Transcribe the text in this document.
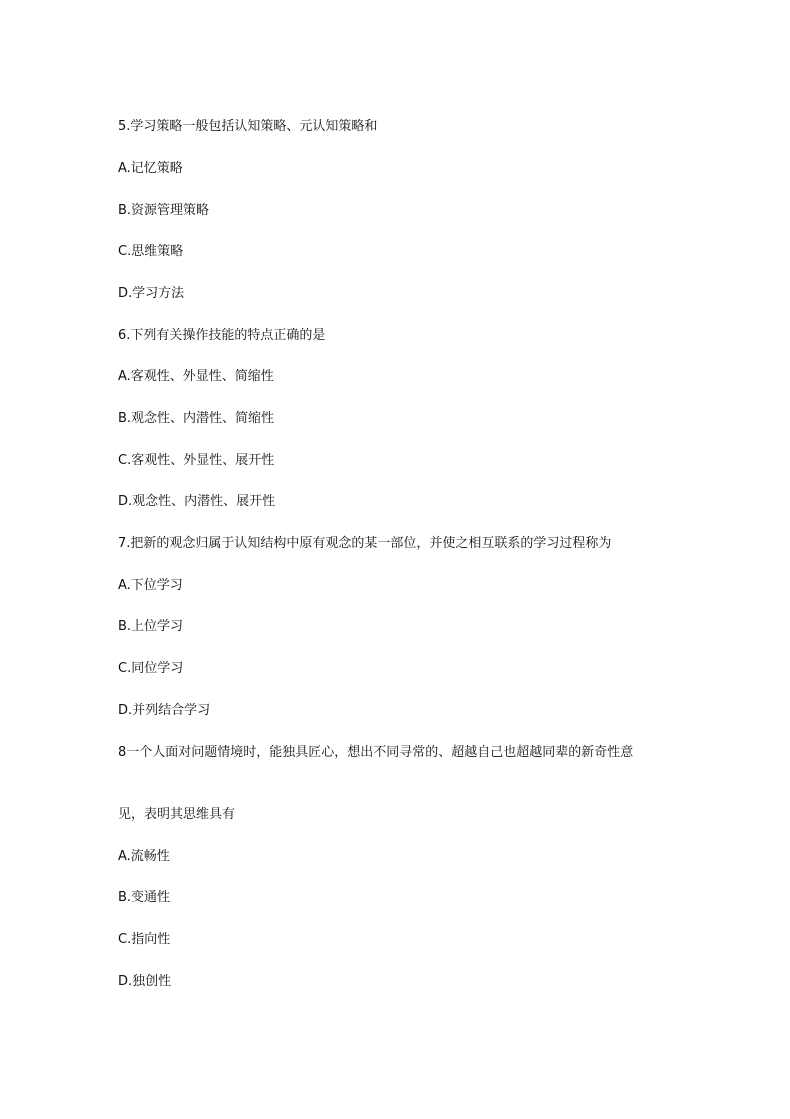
5.学习策略一般包括认知策略、元认知策略和
A.记忆策略
B.资源管理策略
C.思维策略
D.学习方法
6.下列有关操作技能的特点正确的是
A.客观性、外显性、简缩性
B.观念性、内潜性、简缩性
C.客观性、外显性、展开性
D.观念性、内潜性、展开性
7.把新的观念归属于认知结构中原有观念的某一部位，并使之相互联系的学习过程称为
A.下位学习
B.上位学习
C.同位学习
D.并列结合学习
8一个人面对问题情境时，能独具匠心，想出不同寻常的、超越自己也超越同辈的新奇性意
见，表明其思维具有
A.流畅性
B.变通性
C.指向性
D.独创性
